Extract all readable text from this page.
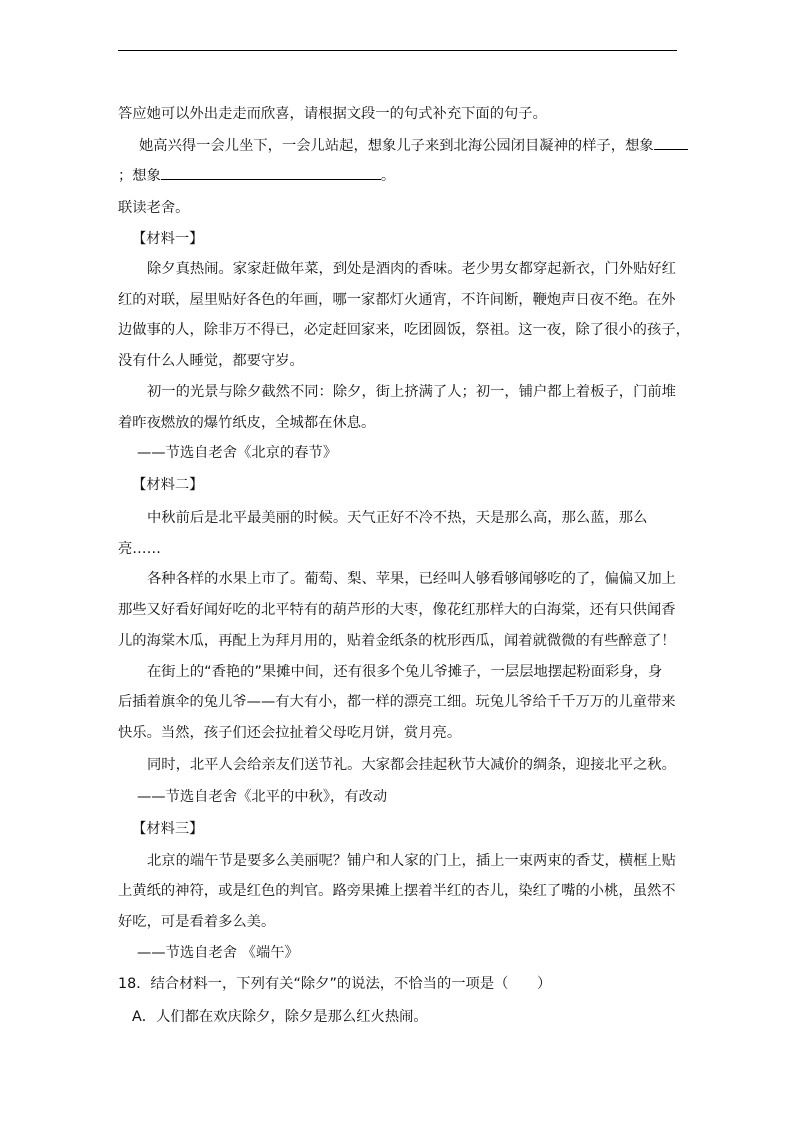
答应她可以外出走走而欣喜，请根据文段一的句式补充下面的句子。
她高兴得一会儿坐下，一会儿站起，想象儿子来到北海公园闭目凝神的样子，想象
；想象	。
联读老舍。
【材料一】
除夕真热闹。家家赶做年菜，到处是酒肉的香味。老少男女都穿起新衣，门外贴好红
红的对联，屋里贴好各色的年画，哪一家都灯火通宵，不许间断，鞭炮声日夜不绝。在外
边做事的人，除非万不得已，必定赶回家来，吃团圆饭，祭祖。这一夜，除了很小的孩子，
没有什么人睡觉，都要守岁。
初一的光景与除夕截然不同：除夕，街上挤满了人；初一，铺户都上着板子，门前堆
着昨夜燃放的爆竹纸皮，全城都在休息。
——节选自老舍《北京的春节》
【材料二】
中秋前后是北平最美丽的时候。天气正好不冷不热，天是那么高，那么蓝，那么
亮……
各种各样的水果上市了。葡萄、梨、苹果，已经叫人够看够闻够吃的了，偏偏又加上
那些又好看好闻好吃的北平特有的葫芦形的大枣，像花红那样大的白海棠，还有只供闻香
儿的海棠木瓜，再配上为拜月用的，贴着金纸条的枕形西瓜，闻着就微微的有些醉意了！
在街上的“香艳的”果摊中间，还有很多个兔儿爷摊子，一层层地摆起粉面彩身，身
后插着旗伞的兔儿爷——有大有小，都一样的漂亮工细。玩兔儿爷给千千万万的儿童带来
快乐。当然，孩子们还会拉扯着父母吃月饼，赏月亮。
同时，北平人会给亲友们送节礼。大家都会挂起秋节大减价的绸条，迎接北平之秋。
——节选自老舍《北平的中秋》，有改动
【材料三】
北京的端午节是要多么美丽呢？铺户和人家的门上，插上一束两束的香艾，横框上贴
上黄纸的神符，或是红色的判官。路旁果摊上摆着半红的杏儿，染红了嘴的小桃，虽然不
好吃，可是看着多么美。
——节选自老舍 《端午》
18．结合材料一，下列有关“除夕”的说法，不恰当的一项是（　　）
A．人们都在欢庆除夕，除夕是那么红火热闹。
